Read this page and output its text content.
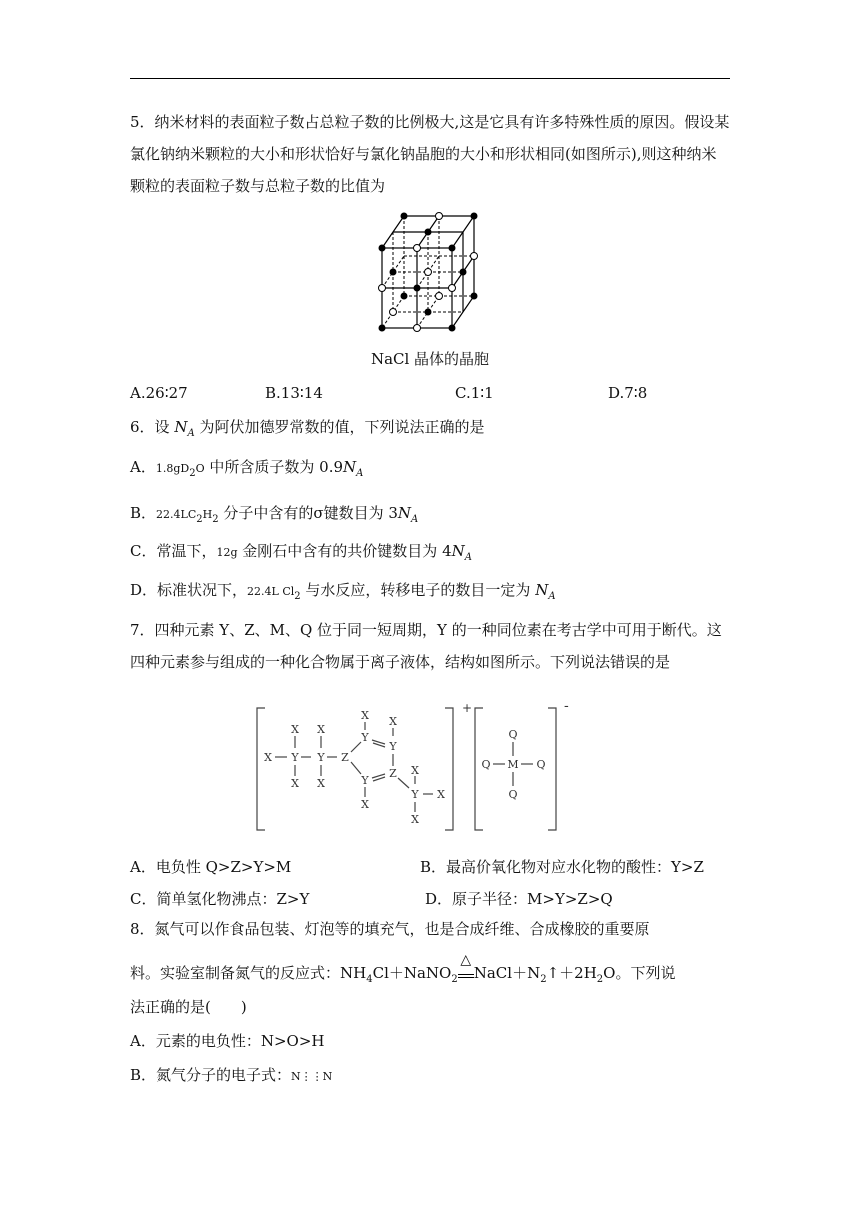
5．纳米材料的表面粒子数占总粒子数的比例极大,这是它具有许多特殊性质的原因。假设某氯化钠纳米颗粒的大小和形状恰好与氯化钠晶胞的大小和形状相同(如图所示),则这种纳米颗粒的表面粒子数与总粒子数的比值为
NaCl 晶体的晶胞
A.26∶27	B.13∶14	C.1∶1	D.7∶8
6．设 $N_A$ 为阿伏加德罗常数的值，下列说法正确的是
A．$1.8gD_2O$ 中所含质子数为 $0.9N_A$
B．$22.4LC_2H_2$ 分子中含有的σ键数目为 $3N_A$
C．常温下，12g 金刚石中含有的共价键数目为 $4N_A$
D．标准状况下，22.4L $Cl_2$ 与水反应，转移电子的数目一定为 $N_A$
7．四种元素 Y、Z、M、Q 位于同一短周期，Y 的一种同位素在考古学中可用于断代。这四种元素参与组成的一种化合物属于离子液体，结构如图所示。下列说法错误的是
X Y
X
X
Y
X
X
Z
Y
X
Y
X
Z
Y
X
Y
X
X
X
Q
M
Q
Q	Q
+	-
A．电负性 Q>Z>Y>M	B．最高价氧化物对应水化物的酸性：Y>Z
C．简单氢化物沸点：Z>Y	D．原子半径：M>Y>Z>Q
8．氮气可以作食品包装、灯泡等的填充气，也是合成纤维、合成橡胶的重要原
料。实验室制备氮气的反应式：$NH_4Cl+NaNO_2$
△
$NaCl+N_2↑+2H_2O$。下列说
法正确的是(　　)
A．元素的电负性：N>O>H
B．氮气分子的电子式：N⋮⋮N
